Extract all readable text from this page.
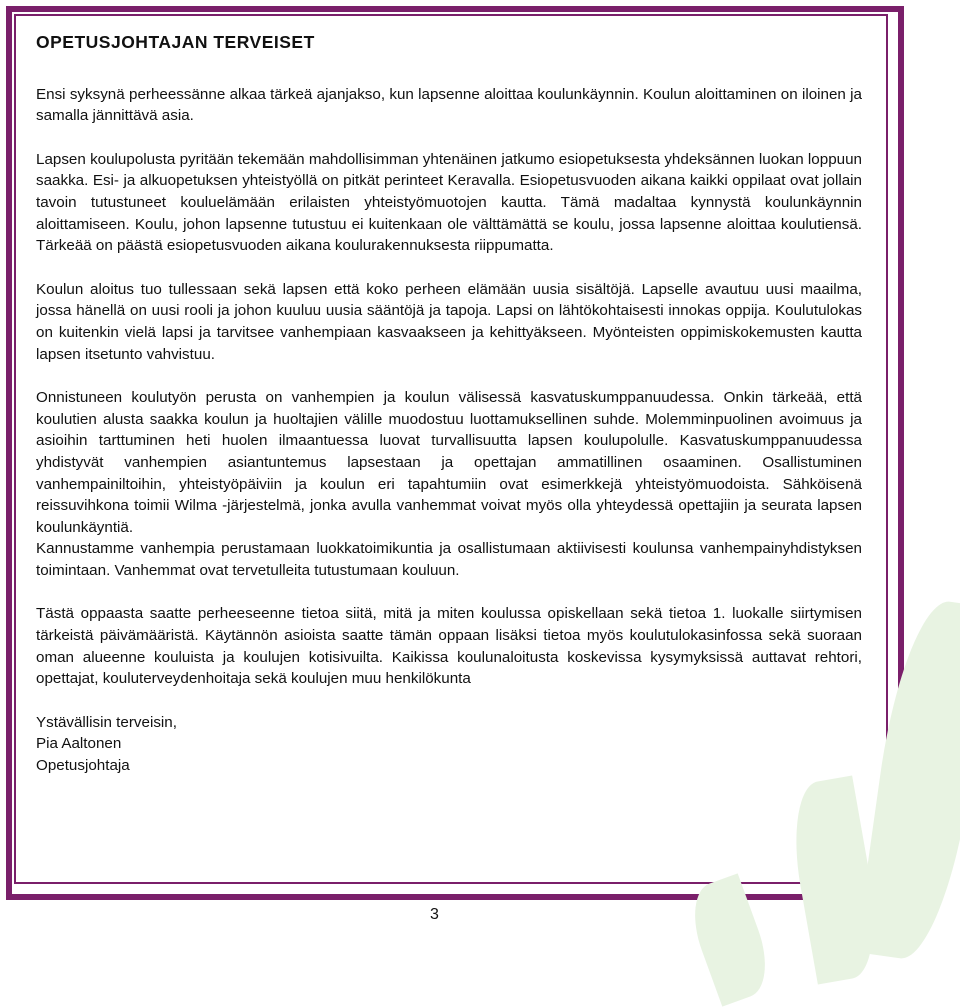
OPETUSJOHTAJAN TERVEISET
Ensi syksynä perheessänne alkaa tärkeä ajanjakso, kun lapsenne aloittaa koulunkäynnin. Koulun aloittaminen on iloinen ja samalla jännittävä asia.
Lapsen koulupolusta pyritään tekemään mahdollisimman yhtenäinen jatkumo esiopetuksesta yhdeksännen luokan loppuun saakka. Esi- ja alkuopetuksen yhteistyöllä on pitkät perinteet Keravalla. Esiopetusvuoden aikana kaikki oppilaat ovat jollain tavoin tutustuneet kouluelämään erilaisten yhteistyömuotojen kautta. Tämä madaltaa kynnystä koulunkäynnin aloittamiseen. Koulu, johon lapsenne tutustuu ei kuitenkaan ole välttämättä se koulu, jossa lapsenne aloittaa koulutiensä. Tärkeää on päästä esiopetusvuoden aikana koulurakennuksesta riippumatta.
Koulun aloitus tuo tullessaan sekä lapsen että koko perheen elämään uusia sisältöjä. Lapselle avautuu uusi maailma, jossa hänellä on uusi rooli ja johon kuuluu uusia sääntöjä ja tapoja. Lapsi on lähtökohtaisesti innokas oppija. Koulutulokas on kuitenkin vielä lapsi ja tarvitsee vanhempiaan kasvaakseen ja kehittyäkseen. Myönteisten oppimiskokemusten kautta lapsen itsetunto vahvistuu.
Onnistuneen koulutyön perusta on vanhempien ja koulun välisessä kasvatuskumppanuudessa. Onkin tärkeää, että koulutien alusta saakka koulun ja huoltajien välille muodostuu luottamuksellinen suhde. Molemminpuolinen avoimuus ja asioihin tarttuminen heti huolen ilmaantuessa luovat turvallisuutta lapsen koulupolulle. Kasvatuskumppanuudessa yhdistyvät vanhempien asiantuntemus lapsestaan ja opettajan ammatillinen osaaminen. Osallistuminen vanhempainiltoihin, yhteistyöpäiviin ja koulun eri tapahtumiin ovat esimerkkejä yhteistyömuodoista. Sähköisenä reissuvihkona toimii Wilma -järjestelmä, jonka avulla vanhemmat voivat myös olla yhteydessä opettajiin ja seurata lapsen koulunkäyntiä.
Kannustamme vanhempia perustamaan luokkatoimikuntia ja osallistumaan aktiivisesti koulunsa vanhempainyhdistyksen toimintaan. Vanhemmat ovat tervetulleita tutustumaan kouluun.
Tästä oppaasta saatte perheeseenne tietoa siitä, mitä ja miten koulussa opiskellaan sekä tietoa 1. luokalle siirtymisen tärkeistä päivämääristä. Käytännön asioista saatte tämän oppaan lisäksi tietoa myös koulutulokasinfossa sekä suoraan oman alueenne kouluista ja koulujen kotisivuilta. Kaikissa koulunaloitusta koskevissa kysymyksissä auttavat rehtori, opettajat, kouluterveydenhoitaja sekä koulujen muu henkilökunta
Ystävällisin terveisin,
Pia Aaltonen
Opetusjohtaja
3
